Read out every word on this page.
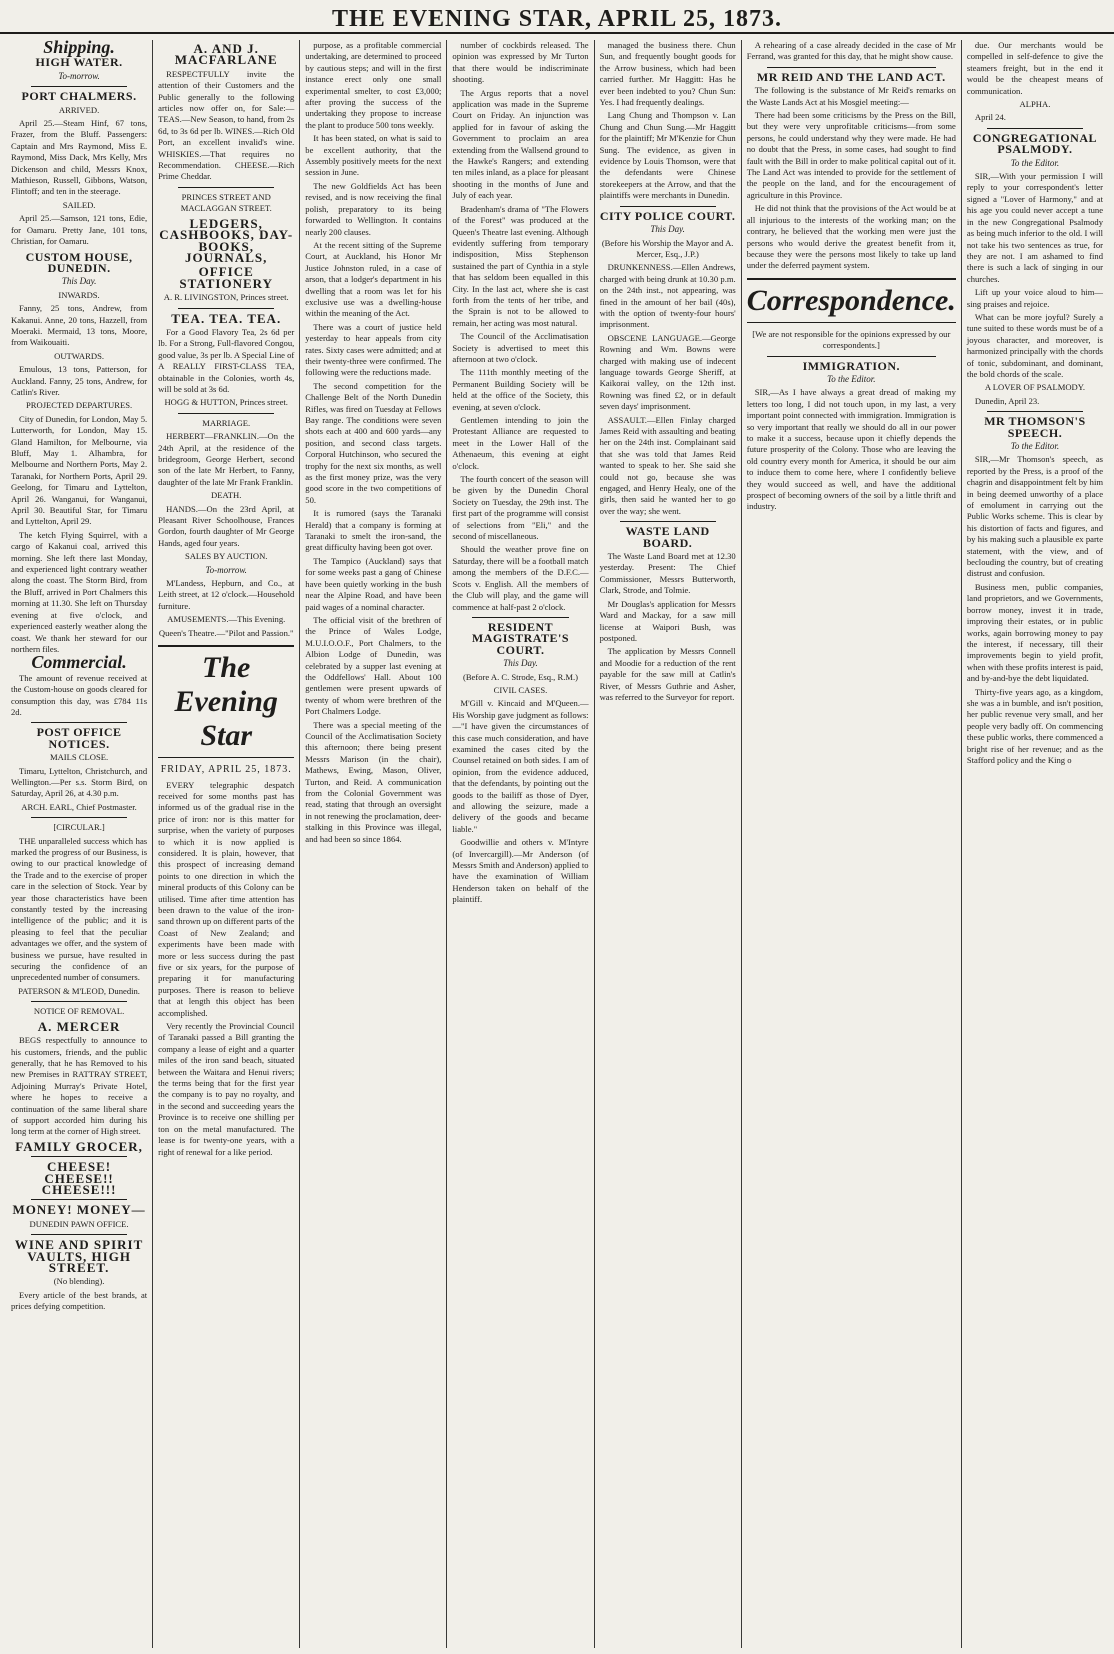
THE EVENING STAR, APRIL 25, 1873.
Shipping.
HIGH WATER.

To-morrow.

PORT CHALMERS.

ARRIVED.

April 25.—Steam Hinf, 67 tons, Frazer, from the Bluff. Passengers: Captain and Mrs Raymond, Miss E. Raymond, Miss Dack, Mrs Kelly, Mrs Dickenson and child, Messrs Knox, Mathieson, Russell, Gibbons, Watson, Flintoff; and ten in the steerage.

SAILED.

April 25.—Samson, 121 tons, Edie, for Oamaru. Pretty Jane, 101 tons, Christian, for Oamaru.

CUSTOM HOUSE, DUNEDIN.

This Day.

INWARDS.

Fanny, 25 tons, Andrew, from Kakanui. Anne, 20 tons, Hazzell, from Moeraki. Mermaid, 13 tons, Moore, from Waikouaiti.

OUTWARDS.

Emulous, 13 tons, Patterson, for Auckland. Fanny, 25 tons, Andrew, for Catlin's River.

PROJECTED DEPARTURES.

City of Dunedin, for London, May 5. Lutterworth, for London, May 15. Gland Hamilton, for Melbourne, via Bluff, May 1. Alhambra, for Melbourne and Northern Ports, May 2. Taranaki, for Northern Ports, April 29. Geelong, for Timaru and Lyttelton, April 26. Wanganui, for Wanganui, April 30. Beautiful Star, for Timaru and Lyttelton, April 29.

The ketch Flying Squirrel, with a cargo of Kakanui coal, arrived this morning. She left there last Monday, and experienced light contrary weather along the coast. The Storm Bird, from the Bluff, arrived in Port Chalmers this morning at 11.30. She left on Thursday evening at five o'clock, and experienced easterly weather along the coast. We thank her steward for our northern files.

Commercial.

The amount of revenue received at the Custom-house on goods cleared for consumption this day, was £784 11s 2d.

POST OFFICE NOTICES.

MAILS CLOSE.

Timaru, Lyttelton, Christchurch, and Wellington.—Per s.s. Storm Bird, on Saturday, April 26, at 4.30 p.m.

ARCH. EARL, Chief Postmaster.

[CIRCULAR.]

THE unparalleled success which has marked the progress of our Business, is owing to our practical knowledge of the Trade and to the exercise of proper care in the selection of Stock. Year by year those characteristics have been constantly tested by the increasing intelligence of the public; and it is pleasing to feel that the peculiar advantages we offer, and the system of business we pursue, have resulted in securing the confidence of an unprecedented number of consumers.

PATERSON & M'LEOD, Dunedin.

NOTICE OF REMOVAL.

A. MERCER

BEGS respectfully to announce to his customers, friends, and the public generally, that he has Removed to his new Premises in RATTRAY STREET, Adjoining Murray's Private Hotel, where he hopes to receive a continuation of the same liberal share of support accorded him during his long term at the corner of High street.

FAMILY GROCER,
CHEESE! CHEESE!! CHEESE!!!
MONEY! MONEY—

DUNEDIN PAWN OFFICE.

WINE AND SPIRIT VAULTS, HIGH STREET.

(No blending).

Every article of the best brands, at prices defying competition.

A. AND J. MACFARLANE

RESPECTFULLY invite the attention of their Customers and the Public generally to the following articles now offer on, for Sale:— TEAS.—New Season, to hand, from 2s 6d, to 3s 6d per lb. WINES.—Rich Old Port, an excellent invalid's wine. WHISKIES.—That requires no Recommendation. CHEESE.—Rich Prime Cheddar.

PRINCES STREET AND MACLAGGAN STREET.

LEDGERS, CASHBOOKS, DAY-BOOKS, JOURNALS,
OFFICE STATIONERY

A. R. LIVINGSTON, Princes street.

TEA. TEA. TEA.

For a Good Flavory Tea, 2s 6d per lb. For a Strong, Full-flavored Congou, good value, 3s per lb. A Special Line of A REALLY FIRST-CLASS TEA, obtainable in the Colonies, worth 4s, will be sold at 3s 6d.

HOGG & HUTTON, Princes street.

MARRIAGE.

HERBERT—FRANKLIN.—On the 24th April, at the residence of the bridegroom, George Herbert, second son of the late Mr Herbert, to Fanny, daughter of the late Mr Frank Franklin.

DEATH.

HANDS.—On the 23rd April, at Pleasant River Schoolhouse, Frances Gordon, fourth daughter of Mr George Hands, aged four years.

SALES BY AUCTION.

To-morrow.

M'Landess, Hepburn, and Co., at Leith street, at 12 o'clock.—Household furniture.

AMUSEMENTS.—This Evening.

Queen's Theatre.—"Pilot and Passion."

The Evening Star
FRIDAY, APRIL 25, 1873.

EVERY telegraphic despatch received for some months past has informed us of the gradual rise in the price of iron: nor is this matter for surprise, when the variety of purposes to which it is now applied is considered. It is plain, however, that this prospect of increasing demand points to one direction in which the mineral products of this Colony can be utilised. Time after time attention has been drawn to the value of the iron-sand thrown up on different parts of the Coast of New Zealand; and experiments have been made with more or less success during the past five or six years, for the purpose of preparing it for manufacturing purposes. There is reason to believe that at length this object has been accomplished.

Very recently the Provincial Council of Taranaki passed a Bill granting the company a lease of eight and a quarter miles of the iron sand beach, situated between the Waitara and Henui rivers; the terms being that for the first year the company is to pay no royalty, and in the second and succeeding years the Province is to receive one shilling per ton on the metal manufactured. The lease is for twenty-one years, with a right of renewal for a like period.

purpose, as a profitable commercial undertaking, are determined to proceed by cautious steps; and will in the first instance erect only one small experimental smelter, to cost £3,000; after proving the success of the undertaking they propose to increase the plant to produce 500 tons weekly.

It has been stated, on what is said to be excellent authority, that the Assembly positively meets for the next session in June.

The new Goldfields Act has been revised, and is now receiving the final polish, preparatory to its being forwarded to Wellington. It contains nearly 200 clauses.

At the recent sitting of the Supreme Court, at Auckland, his Honor Mr Justice Johnston ruled, in a case of arson, that a lodger's department in his dwelling that a room was let for his exclusive use was a dwelling-house within the meaning of the Act.

There was a court of justice held yesterday to hear appeals from city rates. Sixty cases were admitted; and at their twenty-three were confirmed. The following were the reductions made.

The second competition for the Challenge Belt of the North Dunedin Rifles, was fired on Tuesday at Fellows Bay range. The conditions were seven shots each at 400 and 600 yards—any position, and second class targets. Corporal Hutchinson, who secured the trophy for the next six months, as well as the first money prize, was the very good score in the two competitions of 50.

It is rumored (says the Taranaki Herald) that a company is forming at Taranaki to smelt the iron-sand, the great difficulty having been got over.

The Tampico (Auckland) says that for some weeks past a gang of Chinese have been quietly working in the bush near the Alpine Road, and have been paid wages of a nominal character.

The official visit of the brethren of the Prince of Wales Lodge, M.U.I.O.O.F., Port Chalmers, to the Albion Lodge of Dunedin, was celebrated by a supper last evening at the Oddfellows' Hall. About 100 gentlemen were present upwards of twenty of whom were brethren of the Port Chalmers Lodge.

There was a special meeting of the Council of the Acclimatisation Society this afternoon; there being present Messrs Marison (in the chair), Mathews, Ewing, Mason, Oliver, Turton, and Reid. A communication from the Colonial Government was read, stating that through an oversight in not renewing the proclamation, deer-stalking in this Province was illegal, and had been so since 1864.

number of cockbirds released. The opinion was expressed by Mr Turton that there would be indiscriminate shooting.

The Argus reports that a novel application was made in the Supreme Court on Friday. An injunction was applied for in favour of asking the Government to proclaim an area extending from the Wallsend ground to the Hawke's Rangers; and extending ten miles inland, as a place for pleasant shooting in the months of June and July of each year.

Bradenham's drama of "The Flowers of the Forest" was produced at the Queen's Theatre last evening. Although evidently suffering from temporary indisposition, Miss Stephenson sustained the part of Cynthia in a style that has seldom been equalled in this City. In the last act, where she is cast forth from the tents of her tribe, and the Sprain is not to be allowed to remain, her acting was most natural.

The Council of the Acclimatisation Society is advertised to meet this afternoon at two o'clock.

The 111th monthly meeting of the Permanent Building Society will be held at the office of the Society, this evening, at seven o'clock.

Gentlemen intending to join the Protestant Alliance are requested to meet in the Lower Hall of the Athenaeum, this evening at eight o'clock.

The fourth concert of the season will be given by the Dunedin Choral Society on Tuesday, the 29th inst. The first part of the programme will consist of selections from "Eli," and the second of miscellaneous.

Should the weather prove fine on Saturday, there will be a football match among the members of the D.F.C.—Scots v. English. All the members of the Club will play, and the game will commence at half-past 2 o'clock.

RESIDENT MAGISTRATE'S COURT.

This Day.

(Before A. C. Strode, Esq., R.M.)

CIVIL CASES.

M'Gill v. Kincaid and M'Queen.—His Worship gave judgment as follows:—"I have given the circumstances of this case much consideration, and have examined the cases cited by the Counsel retained on both sides. I am of opinion, from the evidence adduced, that the defendants, by pointing out the goods to the bailiff as those of Dyer, and allowing the seizure, made a delivery of the goods and became liable."

Goodwillie and others v. M'Intyre (of Invercargill).—Mr Anderson (of Messrs Smith and Anderson) applied to have the examination of William Henderson taken on behalf of the plaintiff.

managed the business there. Chun Sun, and frequently bought goods for the Arrow business, which had been carried further. Mr Haggitt: Has he ever been indebted to you? Chun Sun: Yes. I had frequently dealings.

Lang Chung and Thompson v. Lan Chung and Chun Sung.—Mr Haggitt for the plaintiff; Mr M'Kenzie for Chun Sung. The evidence, as given in evidence by Louis Thomson, were that the defendants were Chinese storekeepers at the Arrow, and that the plaintiffs were merchants in Dunedin.

CITY POLICE COURT.

This Day.

(Before his Worship the Mayor and A. Mercer, Esq., J.P.)

DRUNKENNESS.—Ellen Andrews, charged with being drunk at 10.30 p.m. on the 24th inst., not appearing, was fined in the amount of her bail (40s), with the option of twenty-four hours' imprisonment.

OBSCENE LANGUAGE.—George Rowning and Wm. Bowns were charged with making use of indecent language towards George Sheriff, at Kaikorai valley, on the 12th inst. Rowning was fined £2, or in default seven days' imprisonment.

ASSAULT.—Ellen Finlay charged James Reid with assaulting and beating her on the 24th inst. Complainant said that she was told that James Reid wanted to speak to her. She said she could not go, because she was engaged, and Henry Healy, one of the girls, then said he wanted her to go over the way; she went.

WASTE LAND BOARD.

The Waste Land Board met at 12.30 yesterday. Present: The Chief Commissioner, Messrs Butterworth, Clark, Strode, and Tolmie.

Mr Douglas's application for Messrs Ward and Mackay, for a saw mill license at Waipori Bush, was postponed.

The application by Messrs Connell and Moodie for a reduction of the rent payable for the saw mill at Catlin's River, of Messrs Guthrie and Asher, was referred to the Surveyor for report.

A rehearing of a case already decided in the case of Mr Ferrand, was granted for this day, that he might show cause.

MR REID AND THE LAND ACT.

The following is the substance of Mr Reid's remarks on the Waste Lands Act at his Mosgiel meeting:—

There had been some criticisms by the Press on the Bill, but they were very unprofitable criticisms—from some persons, he could understand why they were made. He had no doubt that the Press, in some cases, had sought to find fault with the Bill in order to make political capital out of it. The Land Act was intended to provide for the settlement of the people on the land, and for the encouragement of agriculture in this Province.

He did not think that the provisions of the Act would be at all injurious to the interests of the working man; on the contrary, he believed that the working men were just the persons who would derive the greatest benefit from it, because they were the persons most likely to take up land under the deferred payment system.

Correspondence.

[We are not responsible for the opinions expressed by our correspondents.]

IMMIGRATION.

To the Editor.

SIR,—As I have always a great dread of making my letters too long, I did not touch upon, in my last, a very important point connected with immigration. Immigration is so very important that really we should do all in our power to make it a success, because upon it chiefly depends the future prosperity of the Colony. Those who are leaving the old country every month for America, it should be our aim to induce them to come here, where I confidently believe they would succeed as well, and have the additional prospect of becoming owners of the soil by a little thrift and industry.

due. Our merchants would be compelled in self-defence to give the steamers freight, but in the end it would be the cheapest means of communication.

ALPHA.

April 24.

CONGREGATIONAL PSALMODY.

To the Editor.

SIR,—With your permission I will reply to your correspondent's letter signed a "Lover of Harmony," and at his age you could never accept a tune in the new Congregational Psalmody as being much inferior to the old. I will not take his two sentences as true, for they are not. I am ashamed to find there is such a lack of singing in our churches.

Lift up your voice aloud to him—sing praises and rejoice.

What can be more joyful? Surely a tune suited to these words must be of a joyous character, and moreover, is harmonized principally with the chords of tonic, subdominant, and dominant, the bold chords of the scale.

A LOVER OF PSALMODY.

Dunedin, April 23.

MR THOMSON'S SPEECH.

To the Editor.

SIR,—Mr Thomson's speech, as reported by the Press, is a proof of the chagrin and disappointment felt by him in being deemed unworthy of a place of emolument in carrying out the Public Works scheme. This is clear by his distortion of facts and figures, and by his making such a plausible ex parte statement, with the view, and of beclouding the country, but of creating distrust and confusion.

Business men, public companies, land proprietors, and we Governments, borrow money, invest it in trade, improving their estates, or in public works, again borrowing money to pay the interest, if necessary, till their improvements begin to yield profit, when with these profits interest is paid, and by-and-bye the debt liquidated.

Thirty-five years ago, as a kingdom, she was a in bumble, and isn't position, her public revenue very small, and her people very badly off. On commencing these public works, there commenced a bright rise of her revenue; and as the Stafford policy and the King o
